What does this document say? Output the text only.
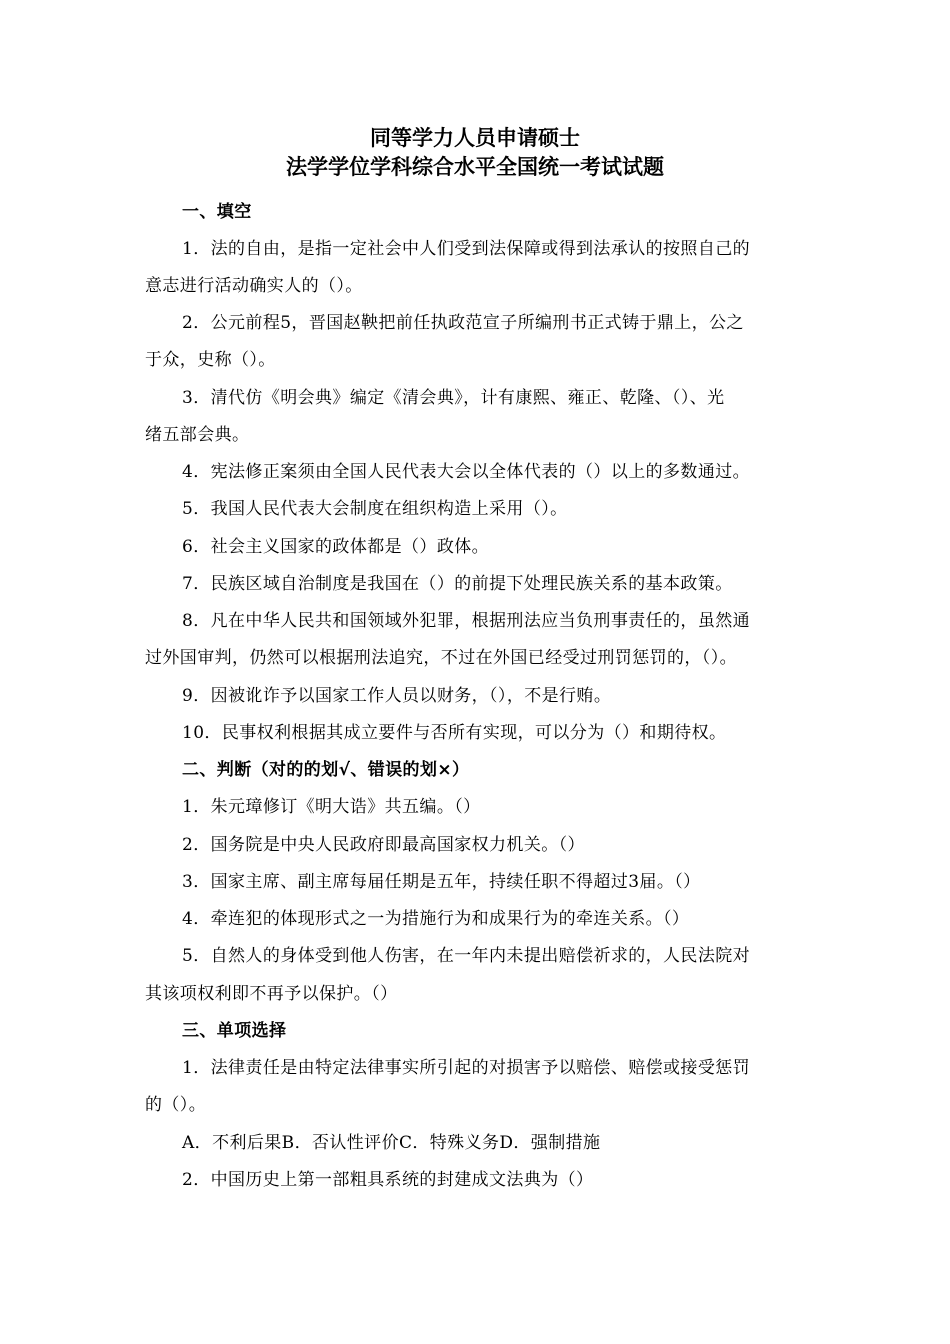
同等学力人员申请硕士
法学学位学科综合水平全国统一考试试题
一、填空
1．法的自由，是指一定社会中人们受到法保障或得到法承认的按照自己的
意志进行活动确实人的（）。
2．公元前程5，晋国赵鞅把前任执政范宣子所编刑书正式铸于鼎上，公之
于众，史称（）。
3．清代仿《明会典》编定《清会典》，计有康熙、雍正、乾隆、（）、光
绪五部会典。
4．宪法修正案须由全国人民代表大会以全体代表的（）以上的多数通过。
5．我国人民代表大会制度在组织构造上采用（）。
6．社会主义国家的政体都是（）政体。
7．民族区域自治制度是我国在（）的前提下处理民族关系的基本政策。
8．凡在中华人民共和国领域外犯罪，根据刑法应当负刑事责任的，虽然通
过外国审判，仍然可以根据刑法追究，不过在外国已经受过刑罚惩罚的，（）。
9．因被讹诈予以国家工作人员以财务，（），不是行贿。
10．民事权利根据其成立要件与否所有实现，可以分为（）和期待权。
二、判断（对的的划√、错误的划×）
1．朱元璋修订《明大诰》共五编。（）
2．国务院是中央人民政府即最高国家权力机关。（）
3．国家主席、副主席每届任期是五年，持续任职不得超过3届。（）
4．牵连犯的体现形式之一为措施行为和成果行为的牵连关系。（）
5．自然人的身体受到他人伤害，在一年内未提出赔偿祈求的，人民法院对
其该项权利即不再予以保护。（）
三、单项选择
1．法律责任是由特定法律事实所引起的对损害予以赔偿、赔偿或接受惩罚
的（）。
A．不利后果B．否认性评价C．特殊义务D．强制措施
2．中国历史上第一部粗具系统的封建成文法典为（）
